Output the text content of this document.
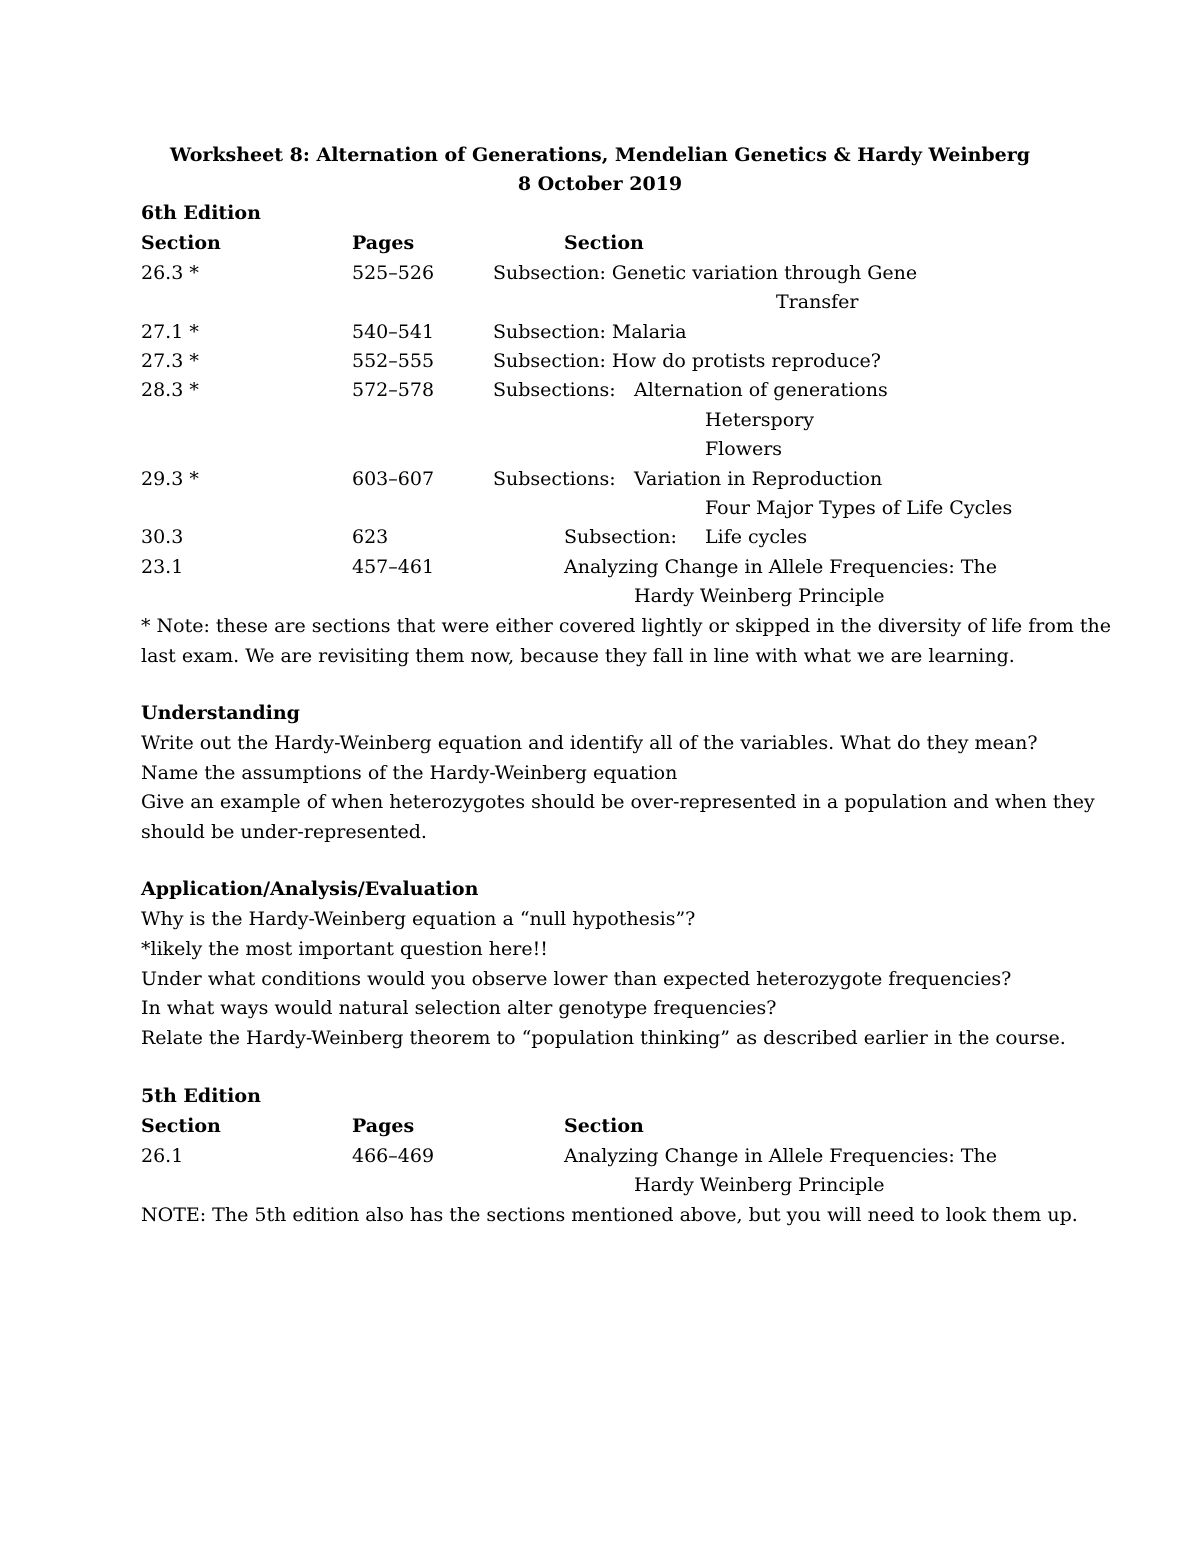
Worksheet 8: Alternation of Generations, Mendelian Genetics & Hardy Weinberg
8 October 2019
6th Edition
Section	Pages	Section
26.3 *	525–526	Subsection: Genetic variation through Gene
Transfer
27.1 *	540–541	Subsection: Malaria
27.3 *	552–555	Subsection: How do protists reproduce?
28.3 *	572–578	Subsections: Alternation of generations
Heterspory
Flowers
29.3 *	603–607	Subsections: Variation in Reproduction
Four Major Types of Life Cycles
30.3	623	Subsection: Life cycles
23.1	457–461	Analyzing Change in Allele Frequencies: The
Hardy Weinberg Principle
* Note: these are sections that were either covered lightly or skipped in the diversity of life from the
last exam. We are revisiting them now, because they fall in line with what we are learning.
Understanding
Write out the Hardy-Weinberg equation and identify all of the variables. What do they mean?
Name the assumptions of the Hardy-Weinberg equation
Give an example of when heterozygotes should be over-represented in a population and when they
should be under-represented.
Application/Analysis/Evaluation
Why is the Hardy-Weinberg equation a “null hypothesis”?
*likely the most important question here!!
Under what conditions would you observe lower than expected heterozygote frequencies?
In what ways would natural selection alter genotype frequencies?
Relate the Hardy-Weinberg theorem to “population thinking” as described earlier in the course.
5th Edition
Section	Pages	Section
26.1	466–469	Analyzing Change in Allele Frequencies: The
Hardy Weinberg Principle
NOTE: The 5th edition also has the sections mentioned above, but you will need to look them up.
